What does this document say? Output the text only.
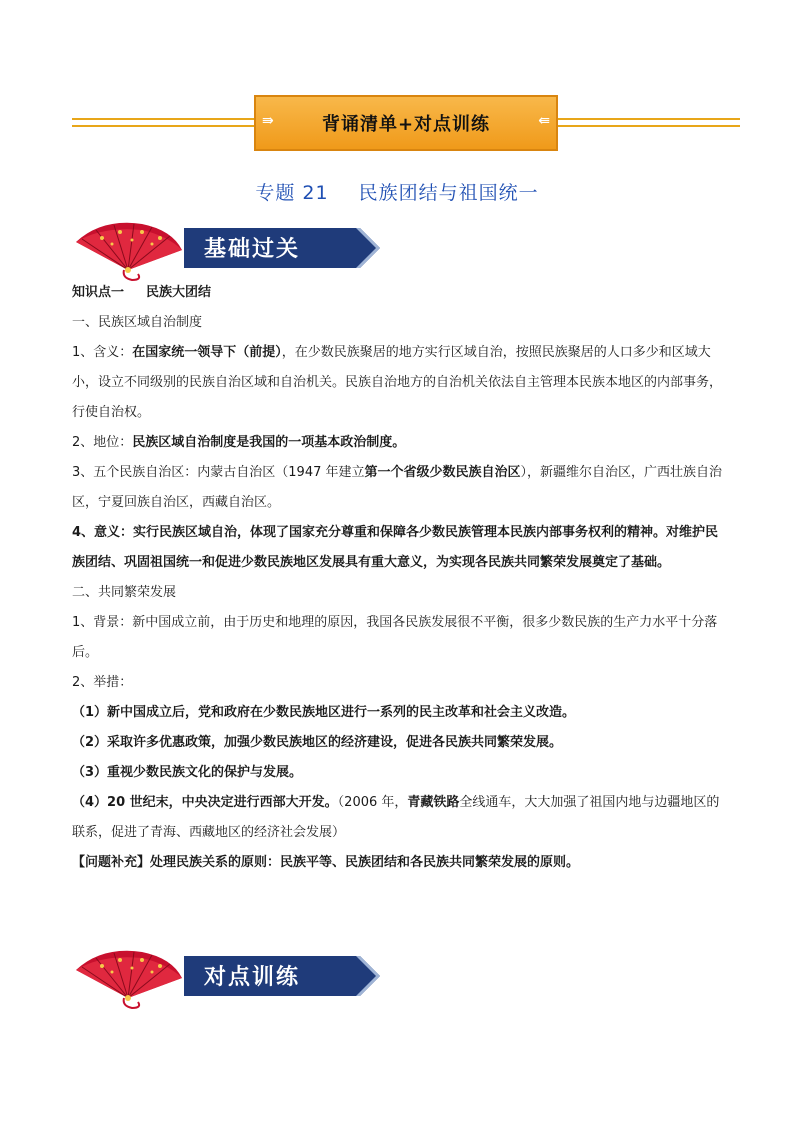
⇛	背诵清单+对点训练	⇚
专题 21 民族团结与祖国统一
基础过关

知识点一 民族大团结

一、民族区域自治制度

1、含义：在国家统一领导下（前提），在少数民族聚居的地方实行区域自治，按照民族聚居的人口多少和区域大小，设立不同级别的民族自治区域和自治机关。民族自治地方的自治机关依法自主管理本民族本地区的内部事务，行使自治权。

2、地位：民族区域自治制度是我国的一项基本政治制度。

3、五个民族自治区：内蒙古自治区（1947 年建立第一个省级少数民族自治区），新疆维尔自治区，广西壮族自治区，宁夏回族自治区，西藏自治区。

4、意义：实行民族区域自治，体现了国家充分尊重和保障各少数民族管理本民族内部事务权利的精神。对维护民族团结、巩固祖国统一和促进少数民族地区发展具有重大意义，为实现各民族共同繁荣发展奠定了基础。

二、共同繁荣发展

1、背景：新中国成立前，由于历史和地理的原因，我国各民族发展很不平衡，很多少数民族的生产力水平十分落后。

2、举措：

（1）新中国成立后，党和政府在少数民族地区进行一系列的民主改革和社会主义改造。

（2）采取许多优惠政策，加强少数民族地区的经济建设，促进各民族共同繁荣发展。

（3）重视少数民族文化的保护与发展。

（4）20 世纪末，中央决定进行西部大开发。（2006 年，青藏铁路全线通车，大大加强了祖国内地与边疆地区的联系，促进了青海、西藏地区的经济社会发展）

【问题补充】处理民族关系的原则：民族平等、民族团结和各民族共同繁荣发展的原则。

对点训练
